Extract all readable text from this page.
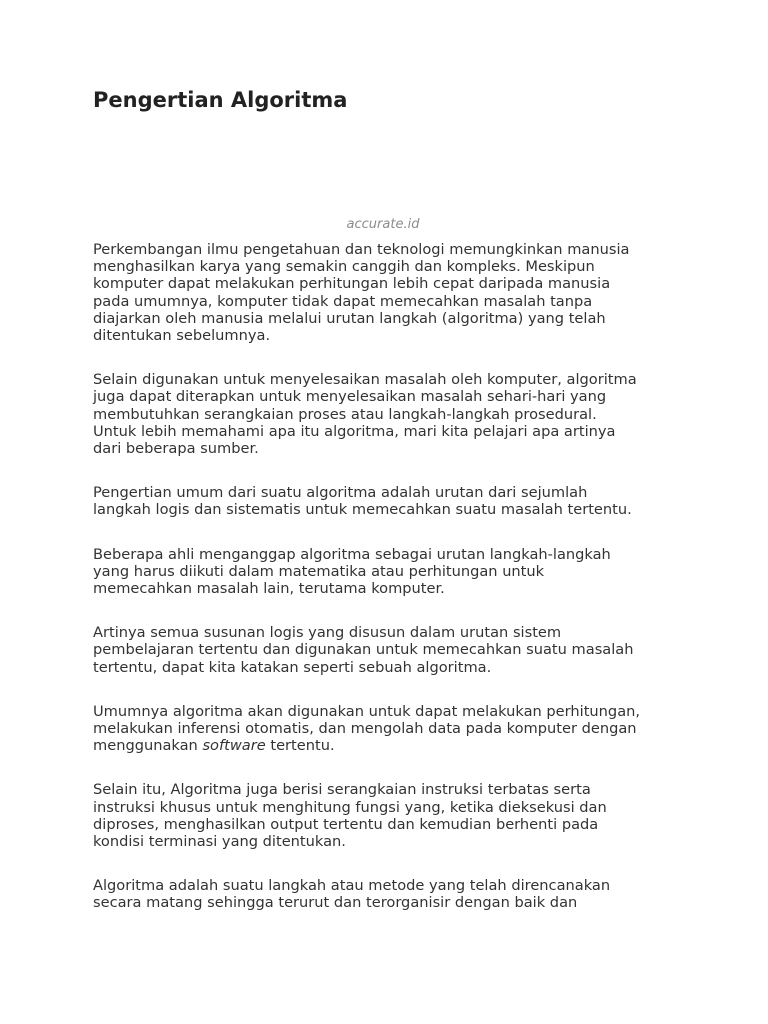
Pengertian Algoritma

accurate.id

Perkembangan ilmu pengetahuan dan teknologi memungkinkan manusia
menghasilkan karya yang semakin canggih dan kompleks. Meskipun
komputer dapat melakukan perhitungan lebih cepat daripada manusia
pada umumnya, komputer tidak dapat memecahkan masalah tanpa
diajarkan oleh manusia melalui urutan langkah (algoritma) yang telah
ditentukan sebelumnya.

Selain digunakan untuk menyelesaikan masalah oleh komputer, algoritma
juga dapat diterapkan untuk menyelesaikan masalah sehari-hari yang
membutuhkan serangkaian proses atau langkah-langkah prosedural.
Untuk lebih memahami apa itu algoritma, mari kita pelajari apa artinya
dari beberapa sumber.

Pengertian umum dari suatu algoritma adalah urutan dari sejumlah
langkah logis dan sistematis untuk memecahkan suatu masalah tertentu.

Beberapa ahli menganggap algoritma sebagai urutan langkah-langkah
yang harus diikuti dalam matematika atau perhitungan untuk
memecahkan masalah lain, terutama komputer.

Artinya semua susunan logis yang disusun dalam urutan sistem
pembelajaran tertentu dan digunakan untuk memecahkan suatu masalah
tertentu, dapat kita katakan seperti sebuah algoritma.

Umumnya algoritma akan digunakan untuk dapat melakukan perhitungan,
melakukan inferensi otomatis, dan mengolah data pada komputer dengan
menggunakan software tertentu.

Selain itu, Algoritma juga berisi serangkaian instruksi terbatas serta
instruksi khusus untuk menghitung fungsi yang, ketika dieksekusi dan
diproses, menghasilkan output tertentu dan kemudian berhenti pada
kondisi terminasi yang ditentukan.

Algoritma adalah suatu langkah atau metode yang telah direncanakan
secara matang sehingga terurut dan terorganisir dengan baik dan
